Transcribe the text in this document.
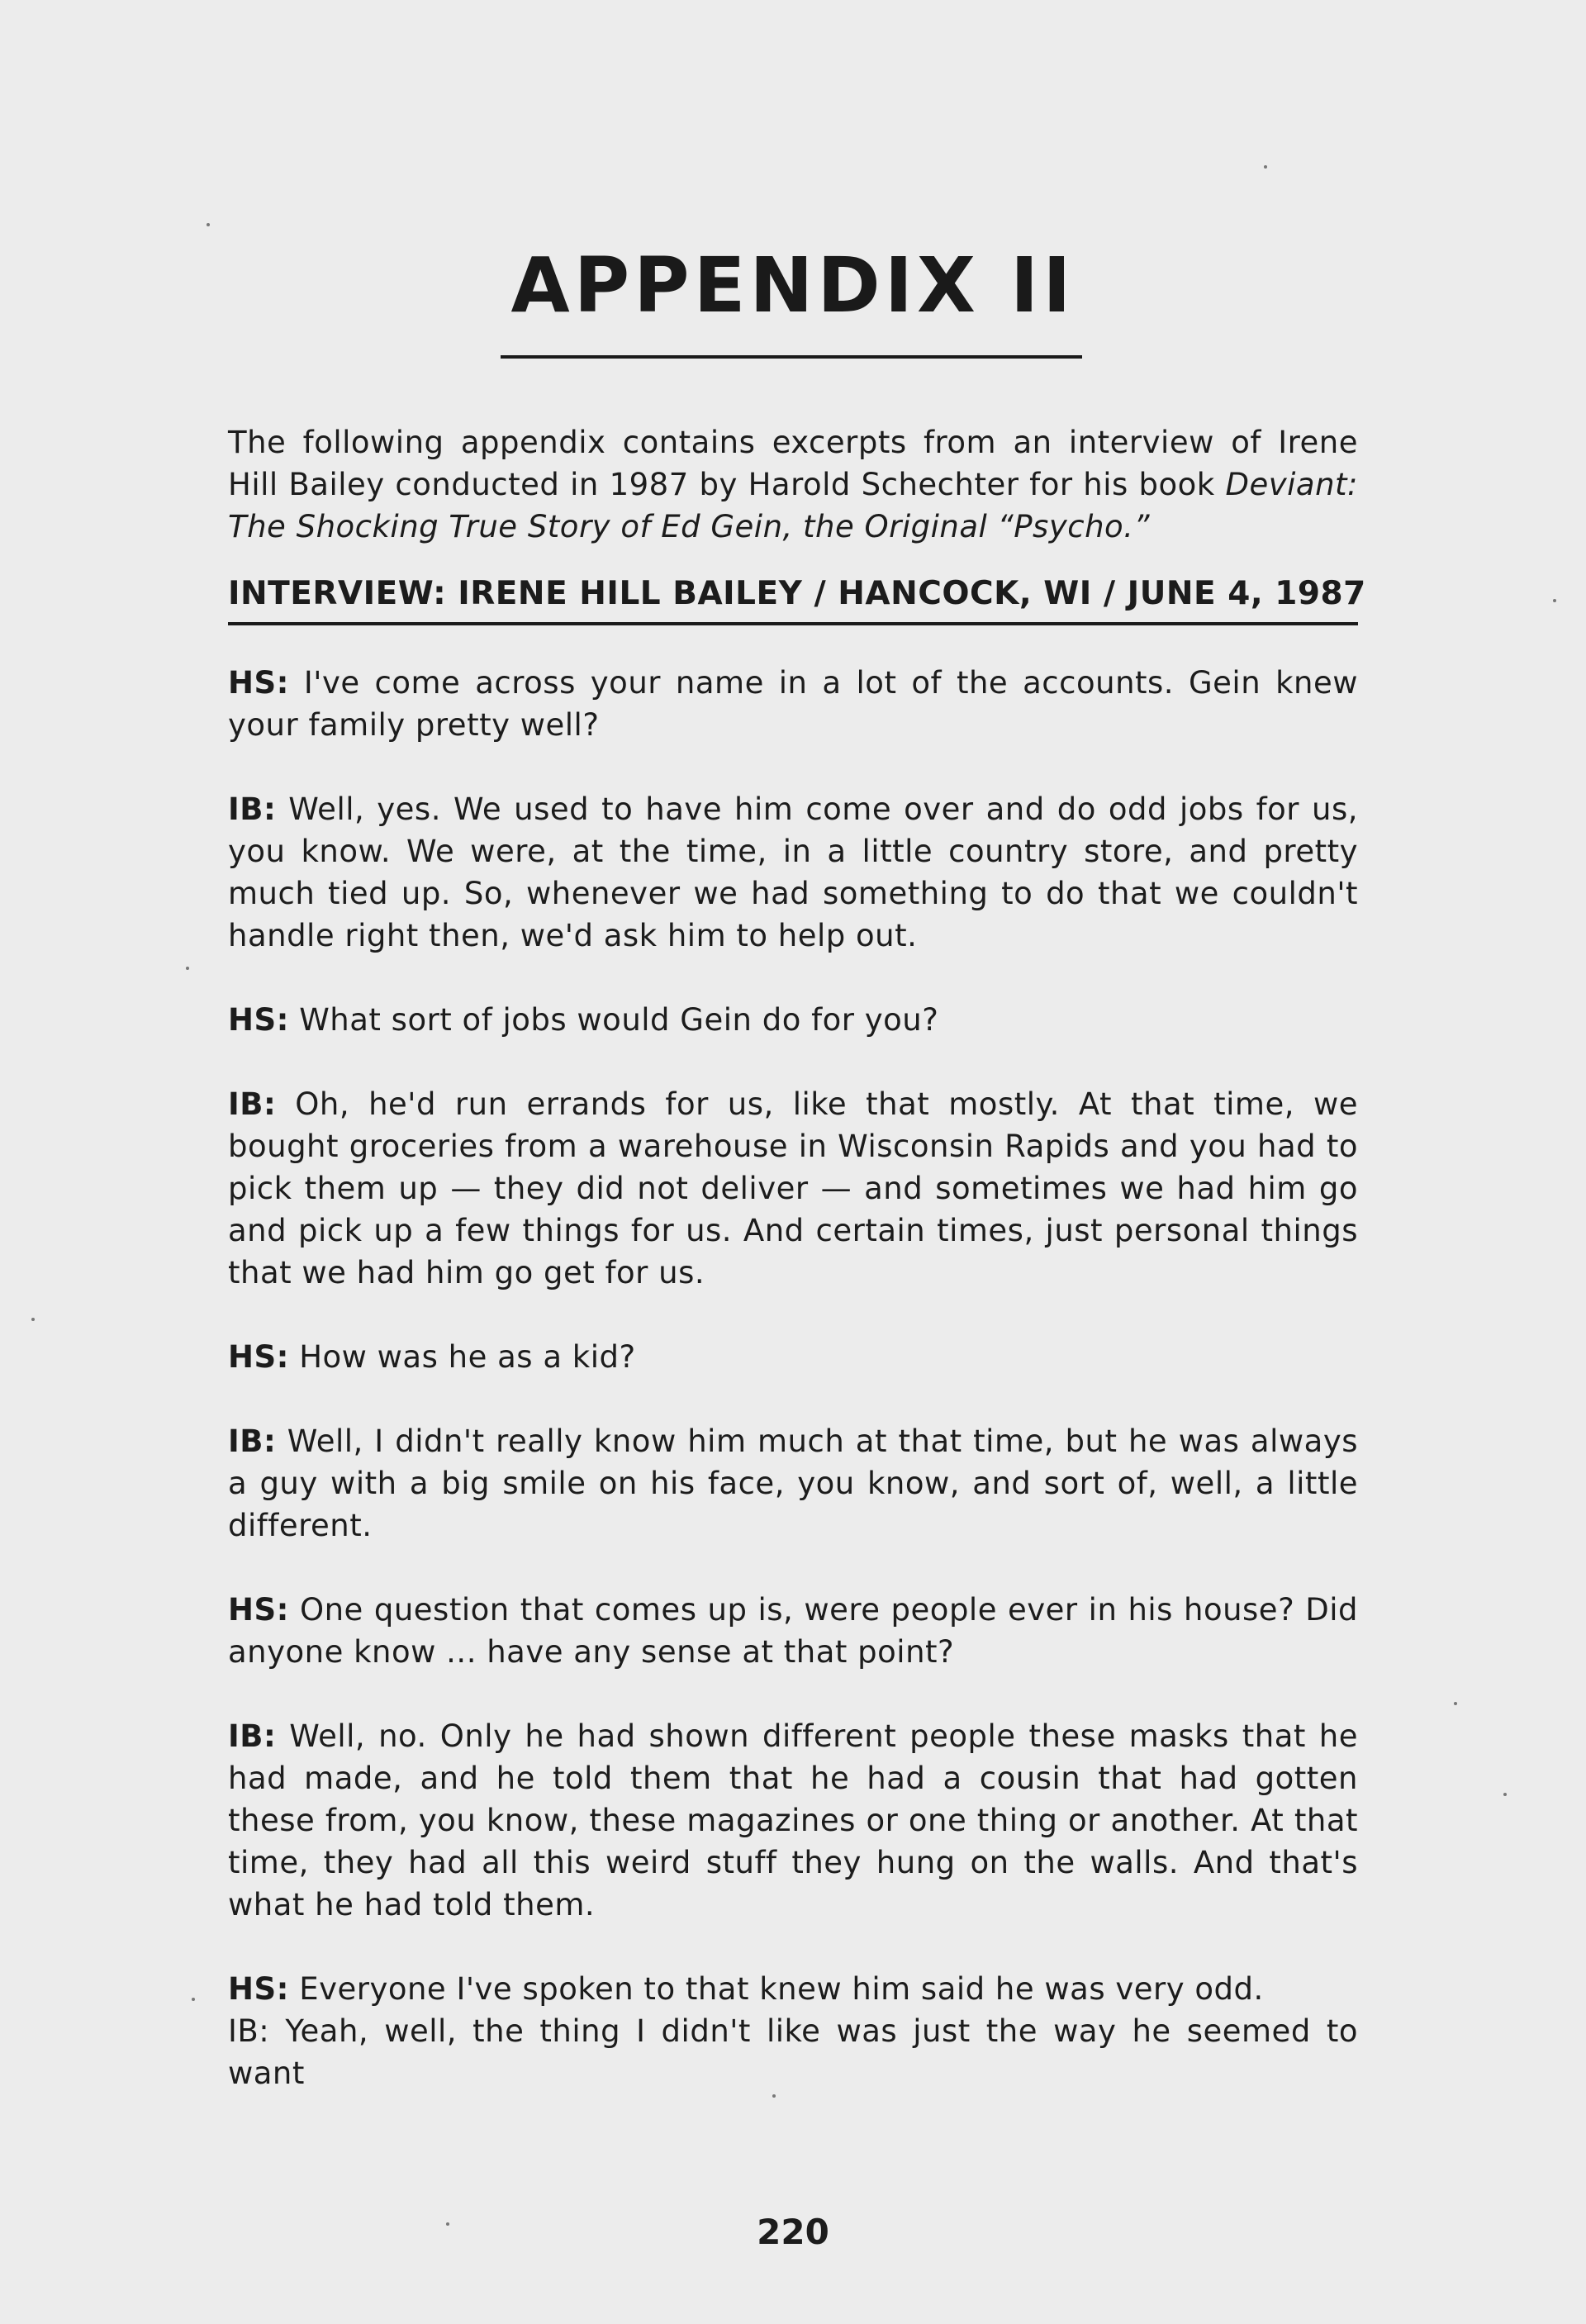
APPENDIX II

The following appendix contains excerpts from an interview of Irene Hill Bailey conducted in 1987 by Harold Schechter for his book Deviant: The Shocking True Story of Ed Gein, the Original “Psycho.”

INTERVIEW: IRENE HILL BAILEY / HANCOCK, WI / JUNE 4, 1987

HS: I've come across your name in a lot of the accounts. Gein knew your family pretty well?

IB: Well, yes. We used to have him come over and do odd jobs for us, you know. We were, at the time, in a little country store, and pretty much tied up. So, whenever we had something to do that we couldn't handle right then, we'd ask him to help out.

HS: What sort of jobs would Gein do for you?

IB: Oh, he'd run errands for us, like that mostly. At that time, we bought groceries from a warehouse in Wisconsin Rapids and you had to pick them up — they did not deliver — and sometimes we had him go and pick up a few things for us. And certain times, just personal things that we had him go get for us.

HS: How was he as a kid?

IB: Well, I didn't really know him much at that time, but he was always a guy with a big smile on his face, you know, and sort of, well, a little different.

HS: One question that comes up is, were people ever in his house? Did anyone know ... have any sense at that point?

IB: Well, no. Only he had shown different people these masks that he had made, and he told them that he had a cousin that had gotten these from, you know, these magazines or one thing or another. At that time, they had all this weird stuff they hung on the walls. And that's what he had told them.

HS: Everyone I've spoken to that knew him said he was very odd.

IB: Yeah, well, the thing I didn't like was just the way he seemed to want

220
